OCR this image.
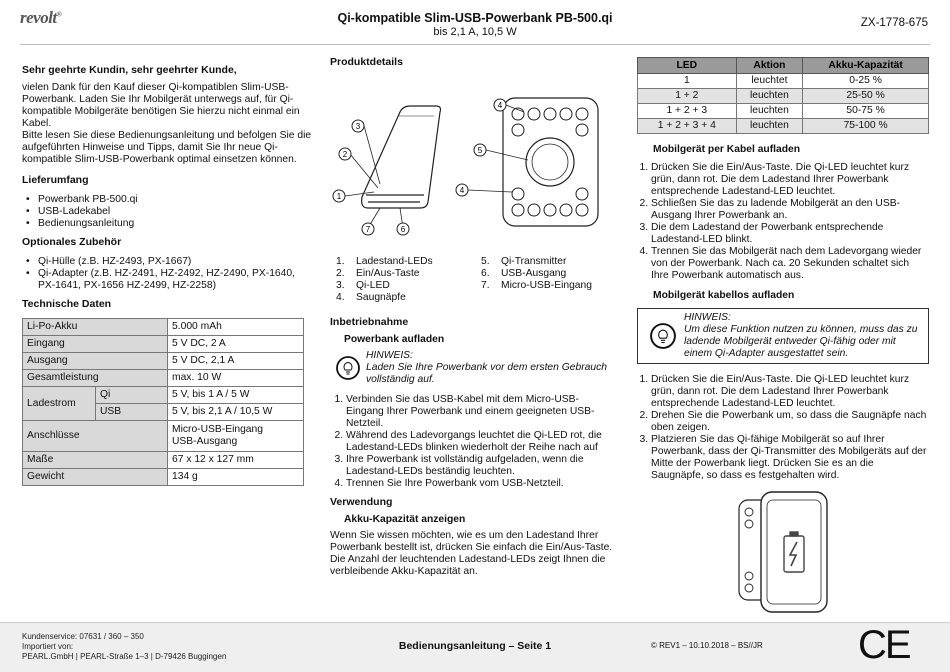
revolt®	Qi-kompatible Slim-USB-Powerbank PB-500.qi
bis 2,1 A, 10,5 W
ZX-1778-675

Sehr geehrte Kundin, sehr geehrter Kunde,

vielen Dank für den Kauf dieser Qi-kompatiblen Slim-USB-Powerbank. Laden Sie Ihr Mobilgerät unterwegs auf, für Qi-kompatible Mobilgeräte benötigen Sie hierzu nicht einmal ein Kabel.

Bitte lesen Sie diese Bedienungsanleitung und befolgen Sie die aufgeführten Hinweise und Tipps, damit Sie Ihr neue Qi-kompatible Slim-USB-Powerbank optimal einsetzen können.

Lieferumfang

• Powerbank PB-500.qi
• USB-Ladekabel
• Bedienungsanleitung

Optionales Zubehör

• Qi-Hülle (z.B. HZ-2493, PX-1667)
• Qi-Adapter (z.B. HZ-2491, HZ-2492, HZ-2490, PX-1640, PX-1641, PX-1656 HZ-2499, HZ-2258)

Technische Daten

Li-Po-Akku		5.000 mAh
Eingang		5 V DC, 2 A
Ausgang		5 V DC, 2,1 A
Gesamtleistung		max. 10 W
Ladestrom	Qi	5 V, bis 1 A / 5 W
	USB	5 V, bis 2,1 A / 10,5 W
Anschlüsse		Micro-USB-Eingang
USB-Ausgang

Maße		67 x 12 x 127 mm
Gewicht		134 g

Produktdetails

3
2
1
7	6
4
5
4
1.	Ladestand-LEDs
2.	Ein/Aus-Taste
3.	Qi-LED
4.	Saugnäpfe
5.	Qi-Transmitter
6.	USB-Ausgang
7.	Micro-USB-Eingang

Inbetriebnahme

Powerbank aufladen

HINWEIS:
Laden Sie Ihre Powerbank vor dem ersten Gebrauch vollständig auf.
1. Verbinden Sie das USB-Kabel mit dem Micro-USB-Eingang Ihrer Powerbank und einem geeigneten USB-Netzteil.
2. Während des Ladevorgangs leuchtet die Qi-LED rot, die Ladestand-LEDs blinken wiederholt der Reihe nach auf
3. Ihre Powerbank ist vollständig aufgeladen, wenn die Ladestand-LEDs beständig leuchten.
4. Trennen Sie Ihre Powerbank vom USB-Netzteil.

Verwendung

Akku-Kapazität anzeigen

Wenn Sie wissen möchten, wie es um den Ladestand Ihrer Powerbank bestellt ist, drücken Sie einfach die Ein/Aus-Taste. Die Anzahl der leuchtenden Ladestand-LEDs zeigt Ihnen die verbleibende Akku-Kapazität an.

LED	Aktion	Akku-Kapazität
1	leuchtet	0-25 %
1 + 2	leuchten	25-50 %
1 + 2 + 3	leuchten	50-75 %
1 + 2 + 3 + 4	leuchten	75-100 %

Mobilgerät per Kabel aufladen

1. Drücken Sie die Ein/Aus-Taste. Die Qi-LED leuchtet kurz grün, dann rot. Die dem Ladestand Ihrer Powerbank entsprechende Ladestand-LED leuchtet.
2. Schließen Sie das zu ladende Mobilgerät an den USB-Ausgang Ihrer Powerbank an.
3. Die dem Ladestand der Powerbank entsprechende Ladestand-LED blinkt.
4. Trennen Sie das Mobilgerät nach dem Ladevorgang wieder von der Powerbank. Nach ca. 20 Sekunden schaltet sich Ihre Powerbank automatisch aus.

Mobilgerät kabellos aufladen

HINWEIS:
Um diese Funktion nutzen zu können, muss das zu ladende Mobilgerät entweder Qi-fähig oder mit einem Qi-Adapter ausgestattet sein.
1. Drücken Sie die Ein/Aus-Taste. Die Qi-LED leuchtet kurz grün, dann rot. Die dem Ladestand Ihrer Powerbank entsprechende Ladestand-LED leuchtet.
2. Drehen Sie die Powerbank um, so dass die Saugnäpfe nach oben zeigen.
3. Platzieren Sie das Qi-fähige Mobilgerät so auf Ihrer Powerbank, dass der Qi-Transmitter des Mobilgeräts auf der Mitte der Powerbank liegt. Drücken Sie es an die Saugnäpfe, so dass es festgehalten wird.
Kundenservice: 07631 / 360 – 350
Importiert von:
PEARL.GmbH | PEARL-Straße 1–3 | D-79426 Buggingen
Bedienungsanleitung – Seite 1	© REV1 – 10.10.2018 – BS//JR CE
